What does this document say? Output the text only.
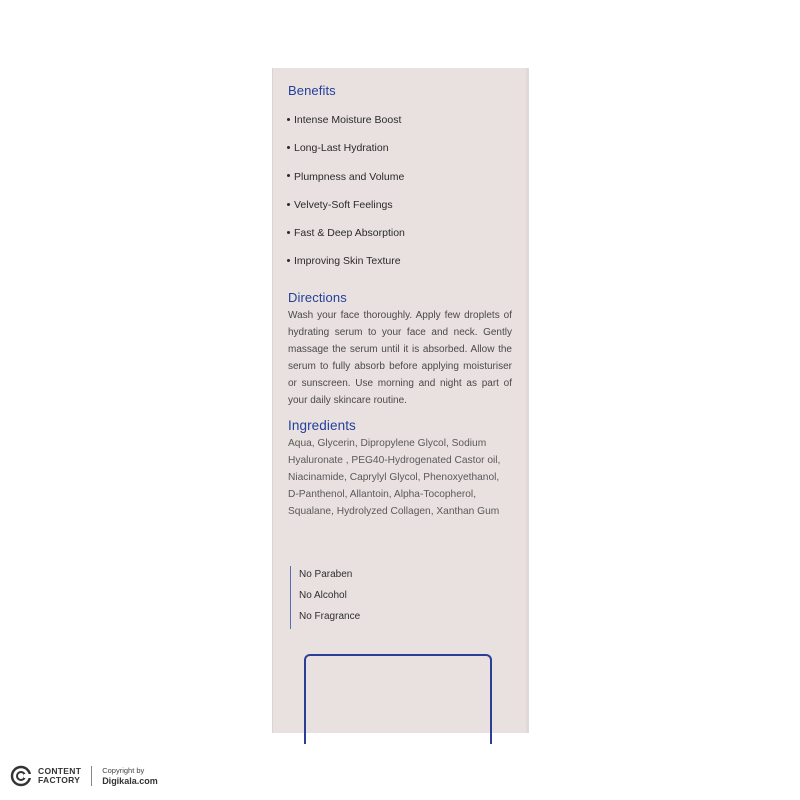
Benefits
Intense Moisture Boost
Long-Last Hydration
Plumpness and Volume
Velvety-Soft Feelings
Fast & Deep Absorption
Improving Skin Texture
Directions

Wash your face thoroughly. Apply few droplets of hydrating serum to your face and neck. Gently massage the serum until it is absorbed. Allow the serum to fully absorb before applying moisturiser or sunscreen. Use morning and night as part of your daily skincare routine.

Ingredients

Aqua, Glycerin, Dipropylene Glycol, Sodium Hyaluronate , PEG40-Hydrogenated Castor oil, Niacinamide, Caprylyl Glycol, Phenoxyethanol, D-Panthenol, Allantoin, Alpha-Tocopherol, Squalane, Hydrolyzed Collagen, Xanthan Gum

No Paraben
No Alcohol
No Fragrance
CONTENT
FACTORY
Copyright by
Digikala.com
